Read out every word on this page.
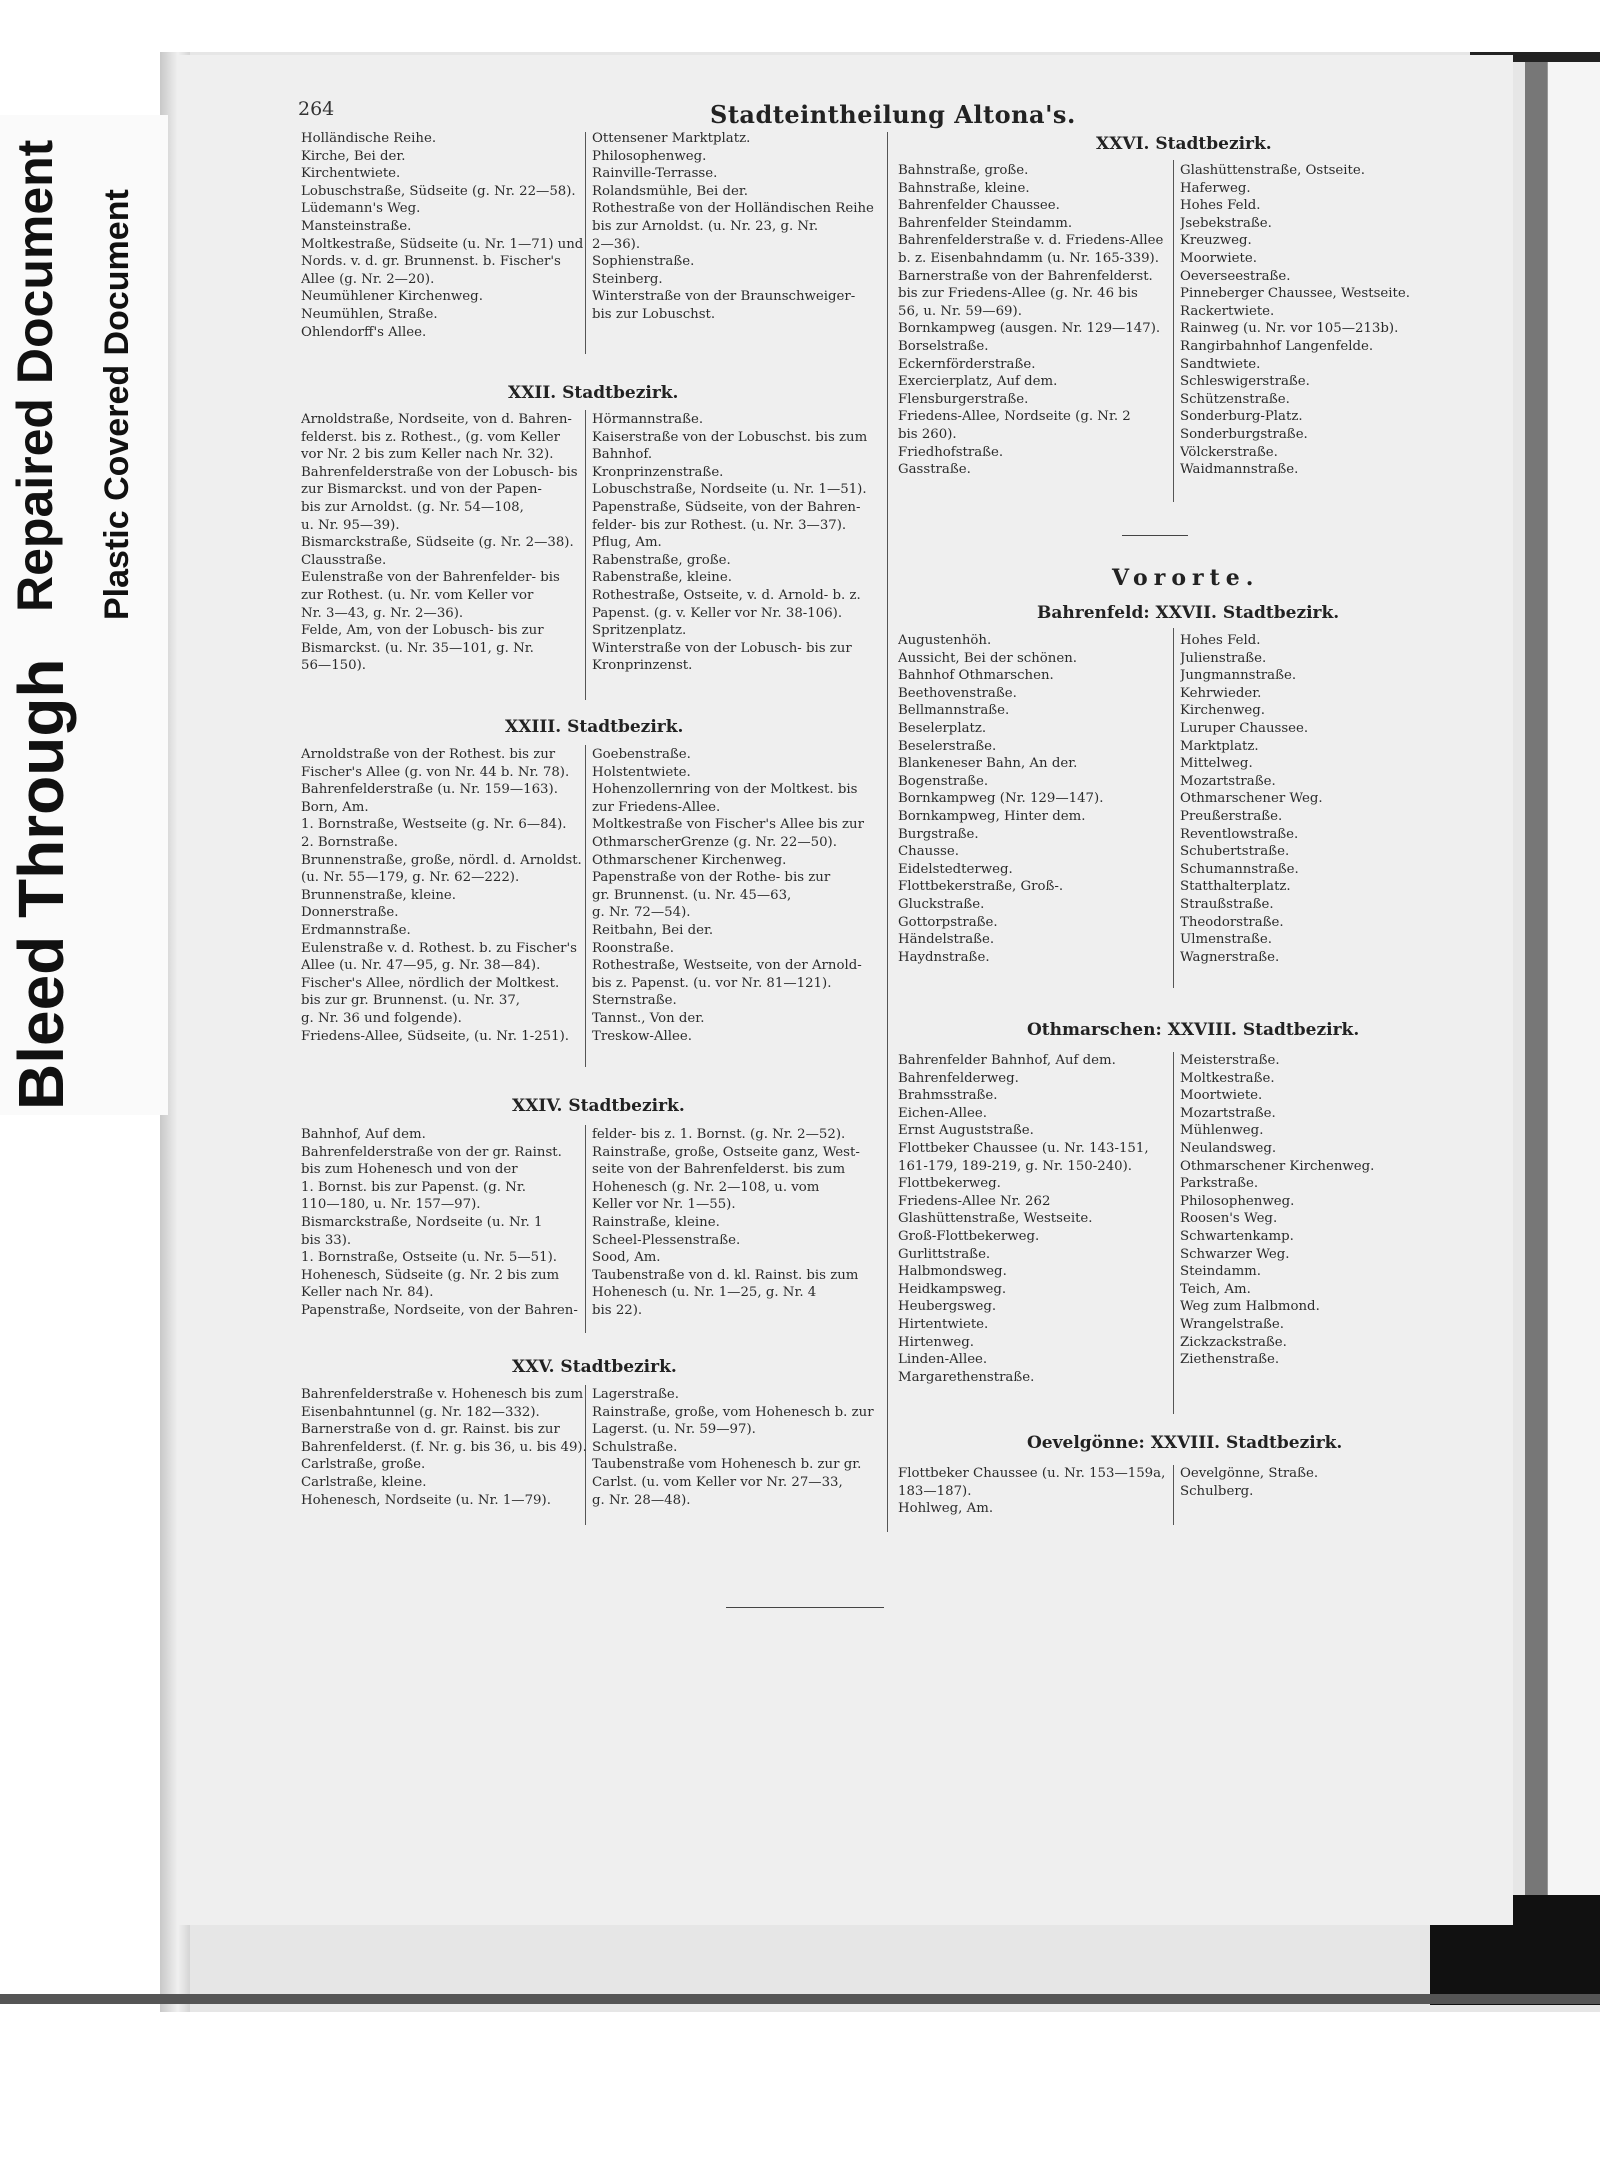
Bleed Through
Repaired Document Plastic Covered Document
264	Stadteintheilung Altona's.
Holländische Reihe.
Kirche, Bei der.
Kirchentwiete.
Lobuschstraße, Südseite (g. Nr. 22—58).
Lüdemann's Weg.
Mansteinstraße.
Moltkestraße, Südseite (u. Nr. 1—71) und
Nords. v. d. gr. Brunnenst. b. Fischer's
Allee (g. Nr. 2—20).
Neumühlener Kirchenweg.
Neumühlen, Straße.
Ohlendorff's Allee.
Ottensener Marktplatz.
Philosophenweg.
Rainville-Terrasse.
Rolandsmühle, Bei der.
Rothestraße von der Holländischen Reihe
bis zur Arnoldst. (u. Nr. 23, g. Nr.
2—36).
Sophienstraße.
Steinberg.
Winterstraße von der Braunschweiger-
bis zur Lobuschst.
XXII. Stadtbezirk.
Arnoldstraße, Nordseite, von d. Bahren-
felderst. bis z. Rothest., (g. vom Keller
vor Nr. 2 bis zum Keller nach Nr. 32).
Bahrenfelderstraße von der Lobusch- bis
zur Bismarckst. und von der Papen-
bis zur Arnoldst. (g. Nr. 54—108,
u. Nr. 95—39).
Bismarckstraße, Südseite (g. Nr. 2—38).
Clausstraße.
Eulenstraße von der Bahrenfelder- bis
zur Rothest. (u. Nr. vom Keller vor
Nr. 3—43, g. Nr. 2—36).
Felde, Am, von der Lobusch- bis zur
Bismarckst. (u. Nr. 35—101, g. Nr.
56—150).
Hörmannstraße.
Kaiserstraße von der Lobuschst. bis zum
Bahnhof.
Kronprinzenstraße.
Lobuschstraße, Nordseite (u. Nr. 1—51).
Papenstraße, Südseite, von der Bahren-
felder- bis zur Rothest. (u. Nr. 3—37).
Pflug, Am.
Rabenstraße, große.
Rabenstraße, kleine.
Rothestraße, Ostseite, v. d. Arnold- b. z.
Papenst. (g. v. Keller vor Nr. 38-106).
Spritzenplatz.
Winterstraße von der Lobusch- bis zur
Kronprinzenst.
XXIII. Stadtbezirk.
Arnoldstraße von der Rothest. bis zur
Fischer's Allee (g. von Nr. 44 b. Nr. 78).
Bahrenfelderstraße (u. Nr. 159—163).
Born, Am.
1. Bornstraße, Westseite (g. Nr. 6—84).
2. Bornstraße.
Brunnenstraße, große, nördl. d. Arnoldst.
(u. Nr. 55—179, g. Nr. 62—222).
Brunnenstraße, kleine.
Donnerstraße.
Erdmannstraße.
Eulenstraße v. d. Rothest. b. zu Fischer's
Allee (u. Nr. 47—95, g. Nr. 38—84).
Fischer's Allee, nördlich der Moltkest.
bis zur gr. Brunnenst. (u. Nr. 37,
g. Nr. 36 und folgende).
Friedens-Allee, Südseite, (u. Nr. 1-251).
Goebenstraße.
Holstentwiete.
Hohenzollernring von der Moltkest. bis
zur Friedens-Allee.
Moltkestraße von Fischer's Allee bis zur
OthmarscherGrenze (g. Nr. 22—50).
Othmarschener Kirchenweg.
Papenstraße von der Rothe- bis zur
gr. Brunnenst. (u. Nr. 45—63,
g. Nr. 72—54).
Reitbahn, Bei der.
Roonstraße.
Rothestraße, Westseite, von der Arnold-
bis z. Papenst. (u. vor Nr. 81—121).
Sternstraße.
Tannst., Von der.
Treskow-Allee.
XXIV. Stadtbezirk.
Bahnhof, Auf dem.
Bahrenfelderstraße von der gr. Rainst.
bis zum Hohenesch und von der
1. Bornst. bis zur Papenst. (g. Nr.
110—180, u. Nr. 157—97).
Bismarckstraße, Nordseite (u. Nr. 1
bis 33).
1. Bornstraße, Ostseite (u. Nr. 5—51).
Hohenesch, Südseite (g. Nr. 2 bis zum
Keller nach Nr. 84).
Papenstraße, Nordseite, von der Bahren-
felder- bis z. 1. Bornst. (g. Nr. 2—52).
Rainstraße, große, Ostseite ganz, West-
seite von der Bahrenfelderst. bis zum
Hohenesch (g. Nr. 2—108, u. vom
Keller vor Nr. 1—55).
Rainstraße, kleine.
Scheel-Plessenstraße.
Sood, Am.
Taubenstraße von d. kl. Rainst. bis zum
Hohenesch (u. Nr. 1—25, g. Nr. 4
bis 22).
XXV. Stadtbezirk.
Bahrenfelderstraße v. Hohenesch bis zum
Eisenbahntunnel (g. Nr. 182—332).
Barnerstraße von d. gr. Rainst. bis zur
Bahrenfelderst. (f. Nr. g. bis 36, u. bis 49).
Carlstraße, große.
Carlstraße, kleine.
Hohenesch, Nordseite (u. Nr. 1—79).
Lagerstraße.
Rainstraße, große, vom Hohenesch b. zur
Lagerst. (u. Nr. 59—97).
Schulstraße.
Taubenstraße vom Hohenesch b. zur gr.
Carlst. (u. vom Keller vor Nr. 27—33,
g. Nr. 28—48).
XXVI. Stadtbezirk.
Bahnstraße, große.
Bahnstraße, kleine.
Bahrenfelder Chaussee.
Bahrenfelder Steindamm.
Bahrenfelderstraße v. d. Friedens-Allee
b. z. Eisenbahndamm (u. Nr. 165-339).
Barnerstraße von der Bahrenfelderst.
bis zur Friedens-Allee (g. Nr. 46 bis
56, u. Nr. 59—69).
Bornkampweg (ausgen. Nr. 129—147).
Borselstraße.
Eckernförderstraße.
Exercierplatz, Auf dem.
Flensburgerstraße.
Friedens-Allee, Nordseite (g. Nr. 2
bis 260).
Friedhofstraße.
Gasstraße.
Glashüttenstraße, Ostseite.
Haferweg.
Hohes Feld.
Jsebekstraße.
Kreuzweg.
Moorwiete.
Oeverseestraße.
Pinneberger Chaussee, Westseite.
Rackertwiete.
Rainweg (u. Nr. vor 105—213b).
Rangirbahnhof Langenfelde.
Sandtwiete.
Schleswigerstraße.
Schützenstraße.
Sonderburg-Platz.
Sonderburgstraße.
Völckerstraße.
Waidmannstraße.
Vororte.
Bahrenfeld: XXVII. Stadtbezirk.
Augustenhöh.
Aussicht, Bei der schönen.
Bahnhof Othmarschen.
Beethovenstraße.
Bellmannstraße.
Beselerplatz.
Beselerstraße.
Blankeneser Bahn, An der.
Bogenstraße.
Bornkampweg (Nr. 129—147).
Bornkampweg, Hinter dem.
Burgstraße.
Chausse.
Eidelstedterweg.
Flottbekerstraße, Groß-.
Gluckstraße.
Gottorpstraße.
Händelstraße.
Haydnstraße.
Hohes Feld.
Julienstraße.
Jungmannstraße.
Kehrwieder.
Kirchenweg.
Luruper Chaussee.
Marktplatz.
Mittelweg.
Mozartstraße.
Othmarschener Weg.
Preußerstraße.
Reventlowstraße.
Schubertstraße.
Schumannstraße.
Statthalterplatz.
Straußstraße.
Theodorstraße.
Ulmenstraße.
Wagnerstraße.
Othmarschen: XXVIII. Stadtbezirk.
Bahrenfelder Bahnhof, Auf dem.
Bahrenfelderweg.
Brahmsstraße.
Eichen-Allee.
Ernst Auguststraße.
Flottbeker Chaussee (u. Nr. 143-151,
161-179, 189-219, g. Nr. 150-240).
Flottbekerweg.
Friedens-Allee Nr. 262
Glashüttenstraße, Westseite.
Groß-Flottbekerweg.
Gurlittstraße.
Halbmondsweg.
Heidkampsweg.
Heubergsweg.
Hirtentwiete.
Hirtenweg.
Linden-Allee.
Margarethenstraße.
Meisterstraße.
Moltkestraße.
Moortwiete.
Mozartstraße.
Mühlenweg.
Neulandsweg.
Othmarschener Kirchenweg.
Parkstraße.
Philosophenweg.
Roosen's Weg.
Schwartenkamp.
Schwarzer Weg.
Steindamm.
Teich, Am.
Weg zum Halbmond.
Wrangelstraße.
Zickzackstraße.
Ziethenstraße.
Oevelgönne: XXVIII. Stadtbezirk.
Flottbeker Chaussee (u. Nr. 153—159a,
183—187).
Hohlweg, Am.
Oevelgönne, Straße.
Schulberg.
